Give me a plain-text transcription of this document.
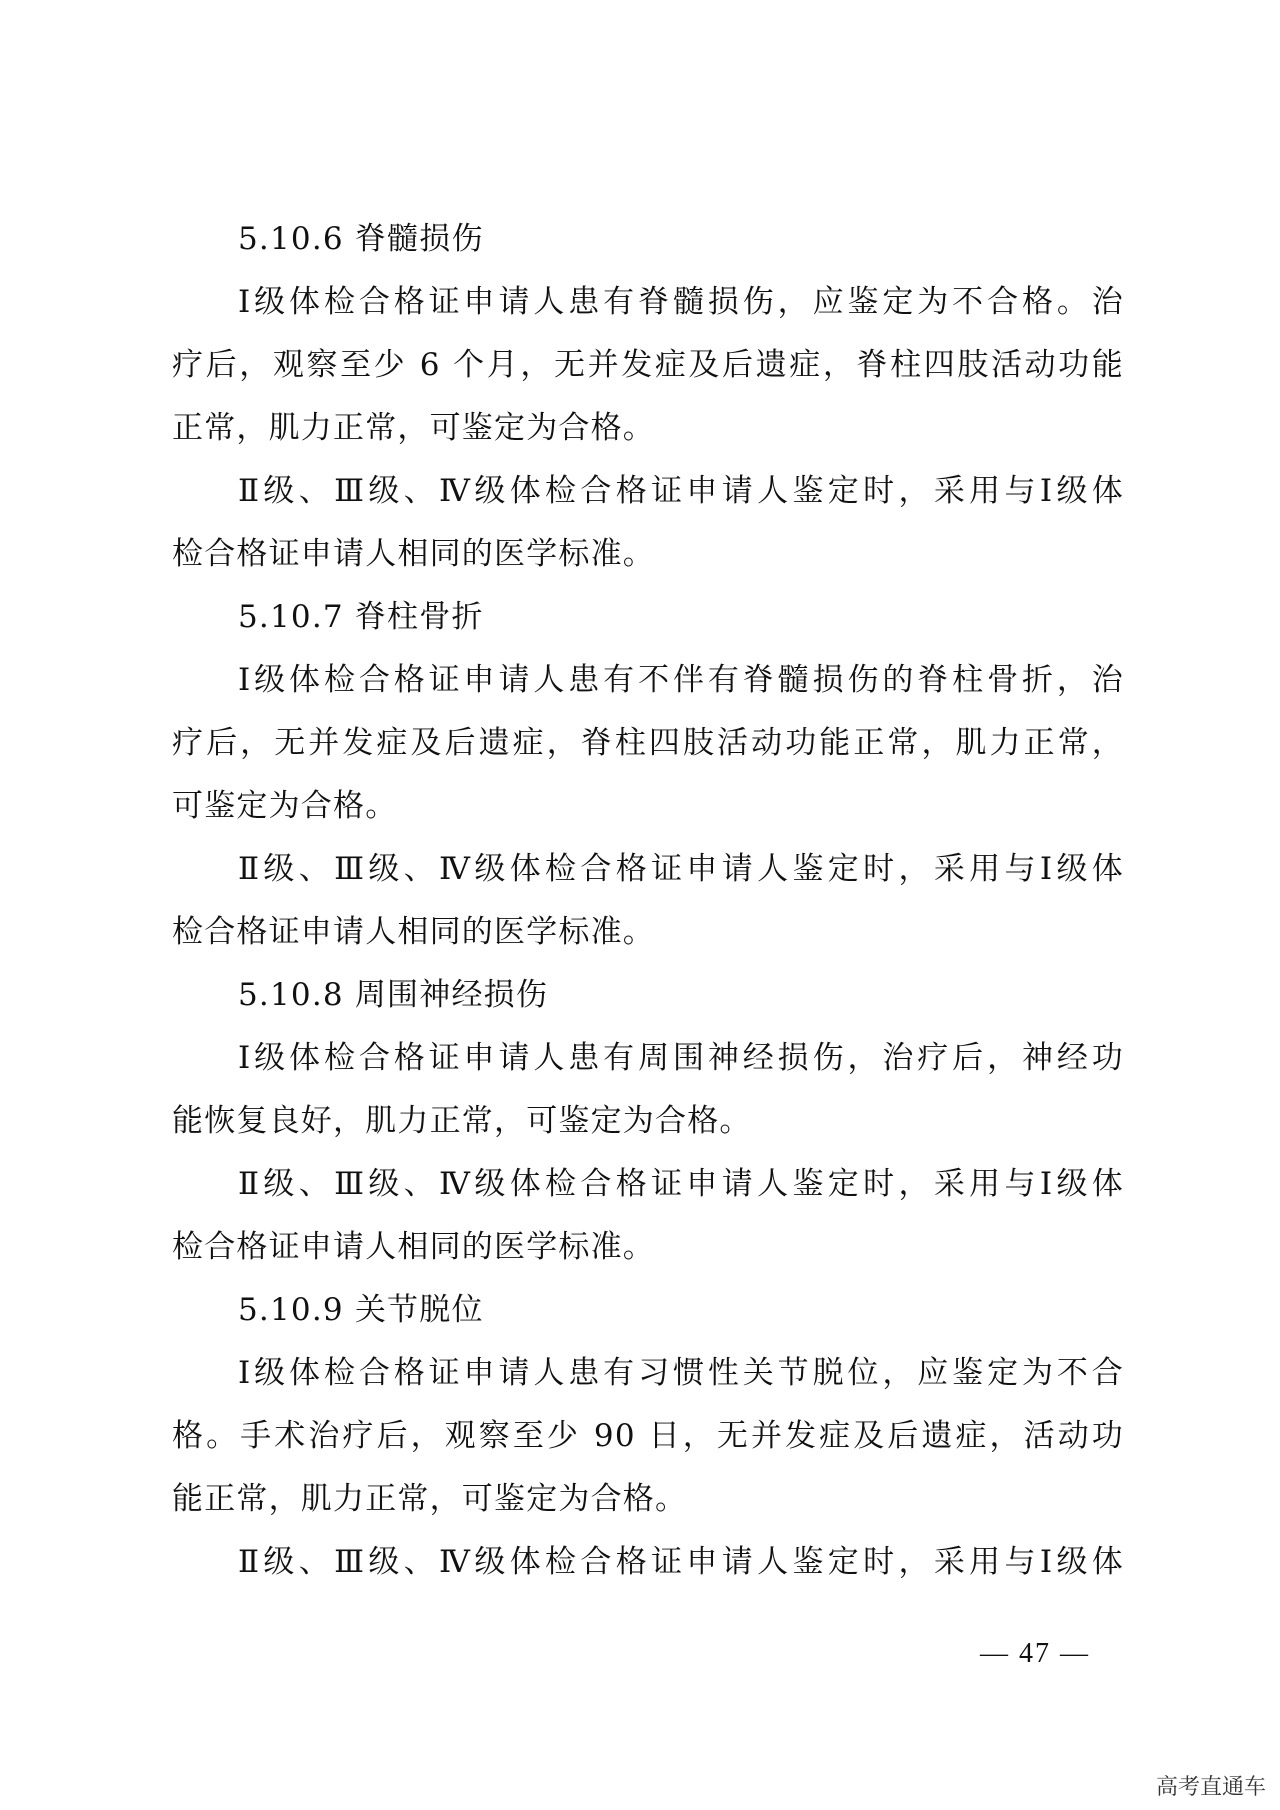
5.10.6 脊髓损伤
Ⅰ级体检合格证申请人患有脊髓损伤，应鉴定为不合格。治
疗后，观察至少 6 个月，无并发症及后遗症，脊柱四肢活动功能
正常，肌力正常，可鉴定为合格。
Ⅱ级、Ⅲ级、Ⅳ级体检合格证申请人鉴定时，采用与Ⅰ级体
检合格证申请人相同的医学标准。
5.10.7 脊柱骨折
Ⅰ级体检合格证申请人患有不伴有脊髓损伤的脊柱骨折，治
疗后，无并发症及后遗症，脊柱四肢活动功能正常，肌力正常，
可鉴定为合格。
Ⅱ级、Ⅲ级、Ⅳ级体检合格证申请人鉴定时，采用与Ⅰ级体
检合格证申请人相同的医学标准。
5.10.8 周围神经损伤
Ⅰ级体检合格证申请人患有周围神经损伤，治疗后，神经功
能恢复良好，肌力正常，可鉴定为合格。
Ⅱ级、Ⅲ级、Ⅳ级体检合格证申请人鉴定时，采用与Ⅰ级体
检合格证申请人相同的医学标准。
5.10.9 关节脱位
Ⅰ级体检合格证申请人患有习惯性关节脱位，应鉴定为不合
格。手术治疗后，观察至少 90 日，无并发症及后遗症，活动功
能正常，肌力正常，可鉴定为合格。
Ⅱ级、Ⅲ级、Ⅳ级体检合格证申请人鉴定时，采用与Ⅰ级体
— 47 —
高考直通车
